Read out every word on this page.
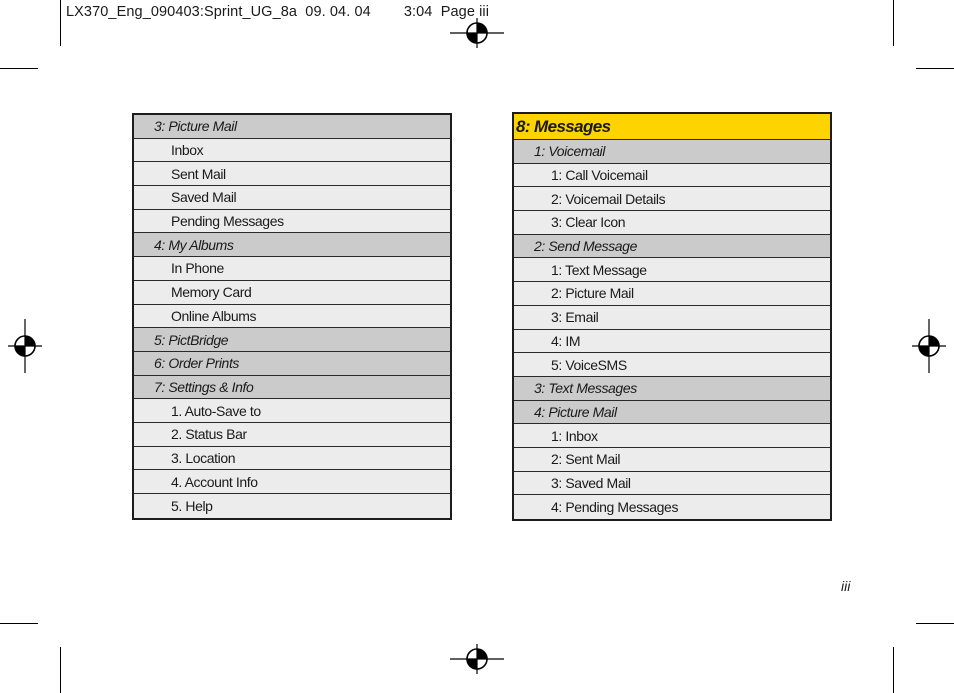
LX370_Eng_090403:Sprint_UG_8a  09. 04. 04        3:04  Page iii
3: Picture Mail
Inbox
Sent Mail
Saved Mail
Pending Messages
4: My Albums
In Phone
Memory Card
Online Albums
5: PictBridge
6: Order Prints
7: Settings & Info
1. Auto-Save to
2. Status Bar
3. Location
4. Account Info
5. Help
8: Messages
1: Voicemail
1: Call Voicemail
2: Voicemail Details
3: Clear Icon
2: Send Message
1: Text Message
2: Picture Mail
3: Email
4: IM
5: VoiceSMS
3: Text Messages
4: Picture Mail
1: Inbox
2: Sent Mail
3: Saved Mail
4: Pending Messages
iii
